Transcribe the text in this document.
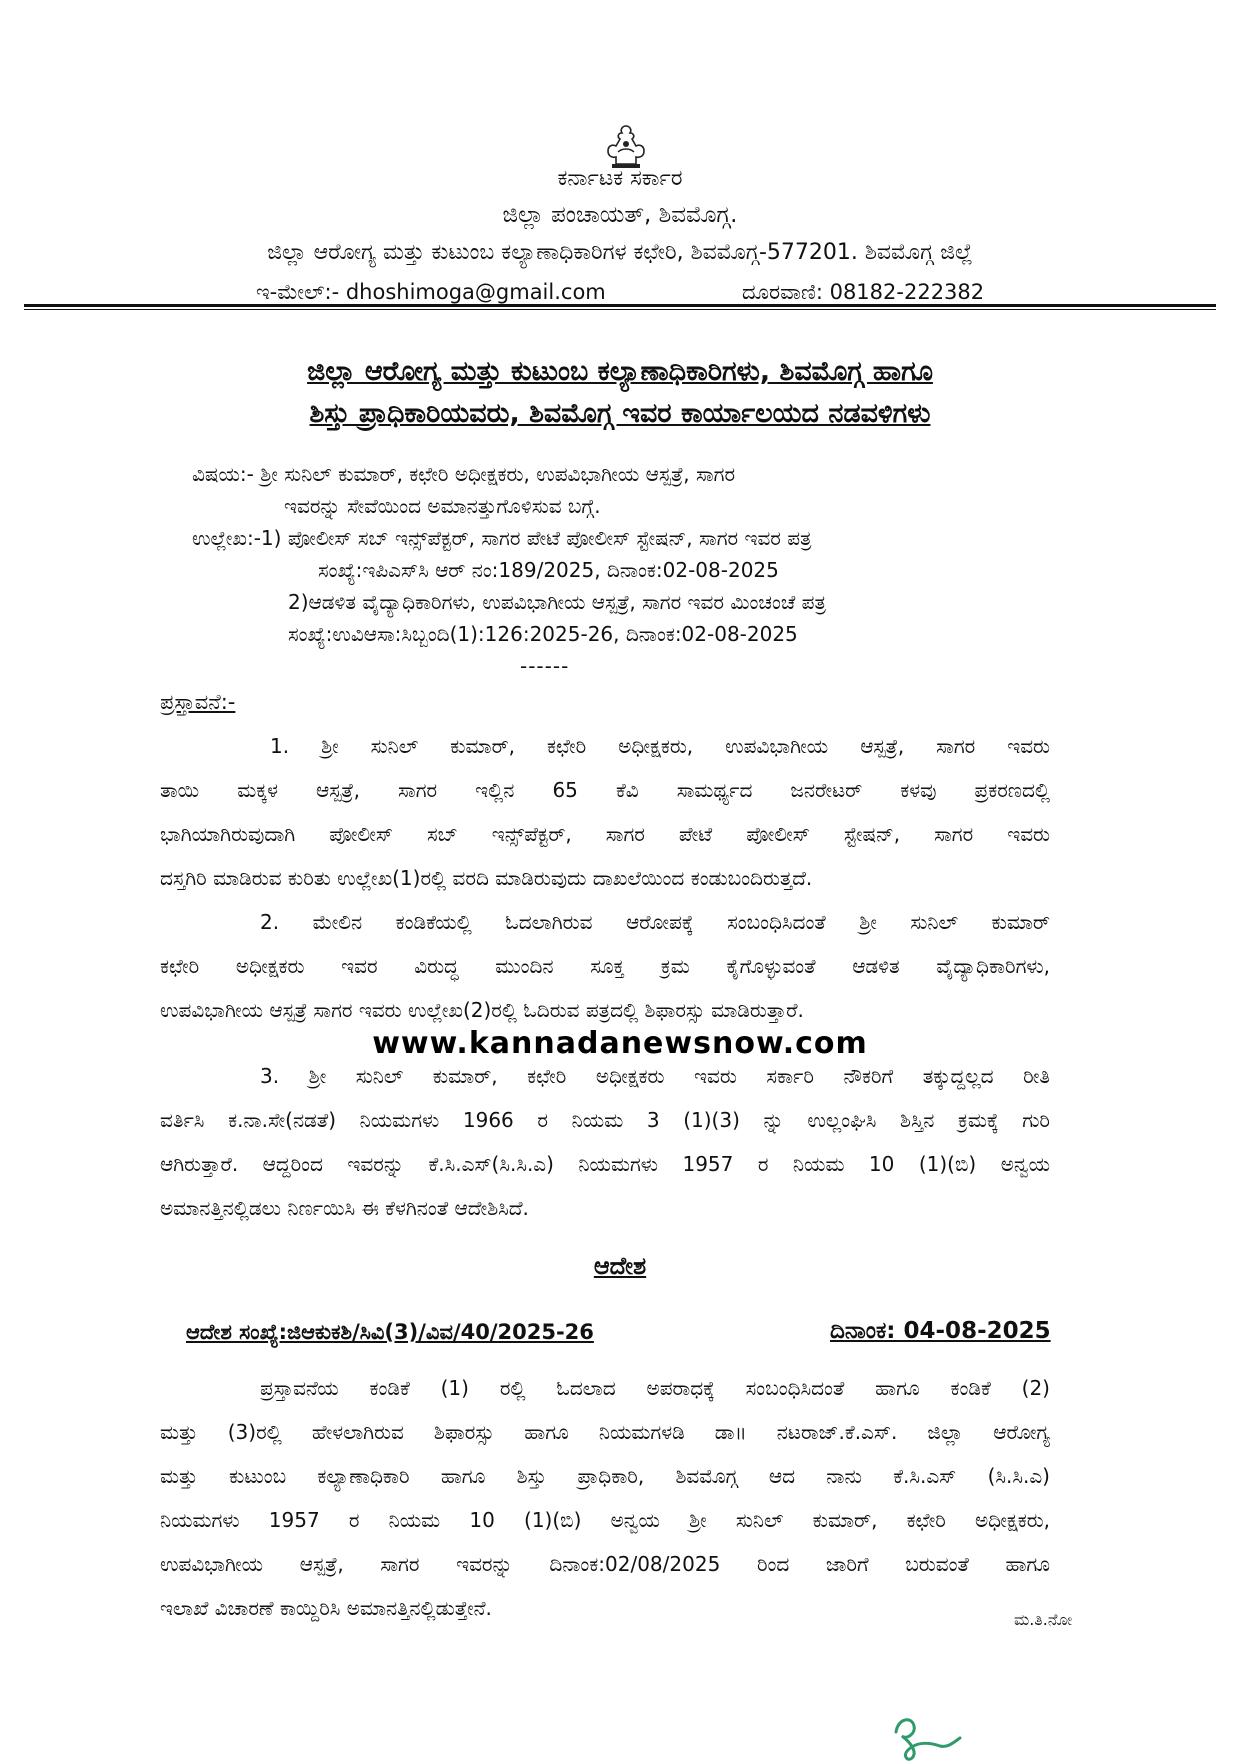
ಕರ್ನಾಟಕ ಸರ್ಕಾರ
ಜಿಲ್ಲಾ ಪಂಚಾಯತ್, ಶಿವಮೊಗ್ಗ.
ಜಿಲ್ಲಾ ಆರೋಗ್ಯ ಮತ್ತು ಕುಟುಂಬ ಕಲ್ಯಾಣಾಧಿಕಾರಿಗಳ ಕಛೇರಿ, ಶಿವಮೊಗ್ಗ-577201. ಶಿವಮೊಗ್ಗ ಜಿಲ್ಲೆ
ಇ-ಮೇಲ್:- dhoshimoga@gmail.com	ದೂರವಾಣಿ: 08182-222382
ಜಿಲ್ಲಾ ಆರೋಗ್ಯ ಮತ್ತು ಕುಟುಂಬ ಕಲ್ಯಾಣಾಧಿಕಾರಿಗಳು, ಶಿವಮೊಗ್ಗ ಹಾಗೂ
ಶಿಸ್ತು ಪ್ರಾಧಿಕಾರಿಯವರು, ಶಿವಮೊಗ್ಗ ಇವರ ಕಾರ್ಯಾಲಯದ ನಡವಳಿಗಳು
ವಿಷಯ:- ಶ್ರೀ ಸುನಿಲ್ ಕುಮಾರ್, ಕಛೇರಿ ಅಧೀಕ್ಷಕರು, ಉಪವಿಭಾಗೀಯ ಆಸ್ಪತ್ರೆ, ಸಾಗರ
ಇವರನ್ನು ಸೇವೆಯಿಂದ ಅಮಾನತ್ತುಗೊಳಿಸುವ ಬಗ್ಗೆ.
ಉಲ್ಲೇಖ:-1) ಪೋಲೀಸ್ ಸಬ್ ಇನ್ಸ್‌ಪೆಕ್ಟರ್, ಸಾಗರ ಪೇಟೆ ಪೋಲೀಸ್ ಸ್ಟೇಷನ್, ಸಾಗರ ಇವರ ಪತ್ರ
ಸಂಖ್ಯೆ:ಇಪಿಎಸ್‌ಸಿ ಆರ್ ನಂ:189/2025, ದಿನಾಂಕ:02-08-2025
2)ಆಡಳಿತ ವೈದ್ಯಾಧಿಕಾರಿಗಳು, ಉಪವಿಭಾಗೀಯ ಆಸ್ಪತ್ರೆ, ಸಾಗರ ಇವರ ಮಿಂಚಂಚೆ ಪತ್ರ
ಸಂಖ್ಯೆ:ಉವಿಆಸಾ:ಸಿಬ್ಬಂದಿ(1):126:2025-26, ದಿನಾಂಕ:02-08-2025
------
ಪ್ರಸ್ತಾವನೆ:-
1. ಶ್ರೀ ಸುನಿಲ್ ಕುಮಾರ್, ಕಛೇರಿ ಅಧೀಕ್ಷಕರು, ಉಪವಿಭಾಗೀಯ ಆಸ್ಪತ್ರೆ, ಸಾಗರ ಇವರು
ತಾಯಿ ಮಕ್ಕಳ ಆಸ್ಪತ್ರೆ, ಸಾಗರ ಇಲ್ಲಿನ 65 ಕೆವಿ ಸಾಮರ್ಥ್ಯದ ಜನರೇಟರ್ ಕಳವು ಪ್ರಕರಣದಲ್ಲಿ
ಭಾಗಿಯಾಗಿರುವುದಾಗಿ ಪೋಲೀಸ್ ಸಬ್ ಇನ್ಸ್‌ಪೆಕ್ಟರ್, ಸಾಗರ ಪೇಟೆ ಪೋಲೀಸ್ ಸ್ಟೇಷನ್, ಸಾಗರ ಇವರು
ದಸ್ತಗಿರಿ ಮಾಡಿರುವ ಕುರಿತು ಉಲ್ಲೇಖ(1)ರಲ್ಲಿ ವರದಿ ಮಾಡಿರುವುದು ದಾಖಲೆಯಿಂದ ಕಂಡುಬಂದಿರುತ್ತದೆ.
2. ಮೇಲಿನ ಕಂಡಿಕೆಯಲ್ಲಿ ಓದಲಾಗಿರುವ ಆರೋಪಕ್ಕೆ ಸಂಬಂಧಿಸಿದಂತೆ ಶ್ರೀ ಸುನಿಲ್ ಕುಮಾರ್
ಕಛೇರಿ ಅಧೀಕ್ಷಕರು ಇವರ ವಿರುದ್ಧ ಮುಂದಿನ ಸೂಕ್ತ ಕ್ರಮ ಕೈಗೊಳ್ಳುವಂತೆ ಆಡಳಿತ ವೈದ್ಯಾಧಿಕಾರಿಗಳು,
ಉಪವಿಭಾಗೀಯ ಆಸ್ಪತ್ರೆ ಸಾಗರ ಇವರು ಉಲ್ಲೇಖ(2)ರಲ್ಲಿ ಓದಿರುವ ಪತ್ರದಲ್ಲಿ ಶಿಫಾರಸ್ಸು ಮಾಡಿರುತ್ತಾರೆ.
www.kannadanewsnow.com
3. ಶ್ರೀ ಸುನಿಲ್ ಕುಮಾರ್, ಕಛೇರಿ ಅಧೀಕ್ಷಕರು ಇವರು ಸರ್ಕಾರಿ ನೌಕರಿಗೆ ತಕ್ಕುದ್ದಲ್ಲದ ರೀತಿ
ವರ್ತಿಸಿ ಕ.ನಾ.ಸೇ(ನಡತೆ) ನಿಯಮಗಳು 1966 ರ ನಿಯಮ 3 (1)(3) ನ್ನು ಉಲ್ಲಂಘಿಸಿ ಶಿಸ್ತಿನ ಕ್ರಮಕ್ಕೆ ಗುರಿ
ಆಗಿರುತ್ತಾರೆ. ಆದ್ದರಿಂದ ಇವರನ್ನು ಕೆ.ಸಿ.ಎಸ್(ಸಿ.ಸಿ.ಎ) ನಿಯಮಗಳು 1957 ರ ನಿಯಮ 10 (1)(ಬಿ) ಅನ್ವಯ
ಅಮಾನತ್ತಿನಲ್ಲಿಡಲು ನಿರ್ಣಯಿಸಿ ಈ ಕೆಳಗಿನಂತೆ ಆದೇಶಿಸಿದೆ.
ಆದೇಶ
ಆದೇಶ ಸಂಖ್ಯೆ:ಜಿಆಕುಕಶಿ/ಸಿವಿ(3)/ವಿವ/40/2025-26	ದಿನಾಂಕ: 04-08-2025
ಪ್ರಸ್ತಾವನೆಯ ಕಂಡಿಕೆ (1) ರಲ್ಲಿ ಓದಲಾದ ಅಪರಾಧಕ್ಕೆ ಸಂಬಂಧಿಸಿದಂತೆ ಹಾಗೂ ಕಂಡಿಕೆ (2)
ಮತ್ತು (3)ರಲ್ಲಿ ಹೇಳಲಾಗಿರುವ ಶಿಫಾರಸ್ಸು ಹಾಗೂ ನಿಯಮಗಳಡಿ ಡಾ॥ ನಟರಾಜ್.ಕೆ.ಎಸ್. ಜಿಲ್ಲಾ ಆರೋಗ್ಯ
ಮತ್ತು ಕುಟುಂಬ ಕಲ್ಯಾಣಾಧಿಕಾರಿ ಹಾಗೂ ಶಿಸ್ತು ಪ್ರಾಧಿಕಾರಿ, ಶಿವಮೊಗ್ಗ ಆದ ನಾನು ಕೆ.ಸಿ.ಎಸ್ (ಸಿ.ಸಿ.ಎ)
ನಿಯಮಗಳು 1957 ರ ನಿಯಮ 10 (1)(ಬಿ) ಅನ್ವಯ ಶ್ರೀ ಸುನಿಲ್ ಕುಮಾರ್, ಕಛೇರಿ ಅಧೀಕ್ಷಕರು,
ಉಪವಿಭಾಗೀಯ ಆಸ್ಪತ್ರೆ, ಸಾಗರ ಇವರನ್ನು ದಿನಾಂಕ:02/08/2025 ರಿಂದ ಜಾರಿಗೆ ಬರುವಂತೆ ಹಾಗೂ
ಇಲಾಖೆ ವಿಚಾರಣೆ ಕಾಯ್ದಿರಿಸಿ ಅಮಾನತ್ತಿನಲ್ಲಿಡುತ್ತೇನೆ.	ಮ.ತಿ.ನೋ
